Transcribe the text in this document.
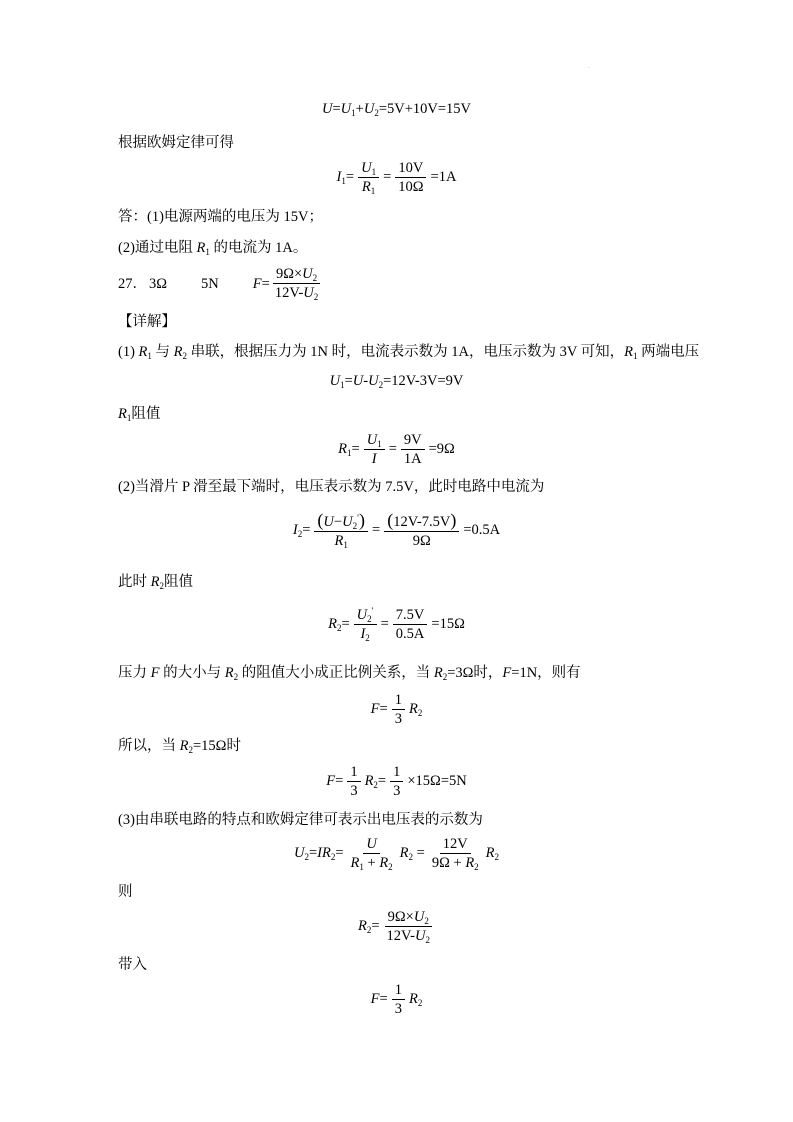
.
$U=U_1+U_2=5V+10V=15V$
根据欧姆定律可得
$I_1= \frac{U_1}{R_1} = \frac{10V}{10\Omega} =1A$
答：(1)电源两端的电压为 15V；
(2)通过电阻 $R_1$ 的电流为 1A。
27． 3Ω 5N $F= \frac{9\Omega\times U_2}{12V-U_2}$
【详解】
(1) $R_1$ 与 $R_2$ 串联，根据压力为 1N 时，电流表示数为 1A，电压示数为 3V 可知，$R_1$ 两端电压
$U_1=U-U_2=12V-3V=9V$
$R_1$阻值
$R_1= \frac{U_1}{I} = \frac{9V}{1A} =9\Omega$
(2)当滑片 P 滑至最下端时，电压表示数为 7.5V，此时电路中电流为
$I_2= \frac{(U-U_2')}{R_1} = \frac{(12V-7.5V)}{9\Omega} =0.5A$
此时 $R_2$阻值
$R_2= \frac{U_2'}{I_2} = \frac{7.5V}{0.5A} =15\Omega$
压力 F 的大小与 $R_2$ 的阻值大小成正比例关系，当 $R_2=3\Omega$时，F=1N，则有
$F= \frac{1}{3} R_2$
所以，当 $R_2=15\Omega$时
$F= \frac{1}{3} R_2= \frac{1}{3} \times 15\Omega=5N$
(3)由串联电路的特点和欧姆定律可表示出电压表的示数为
$U_2=IR_2= \frac{U}{R_1 + R_2} R_2 = \frac{12V}{9\Omega + R_2} R_2$
则
$R_2= \frac{9\Omega\times U_2}{12V-U_2}$
带入
$F= \frac{1}{3} R_2$
